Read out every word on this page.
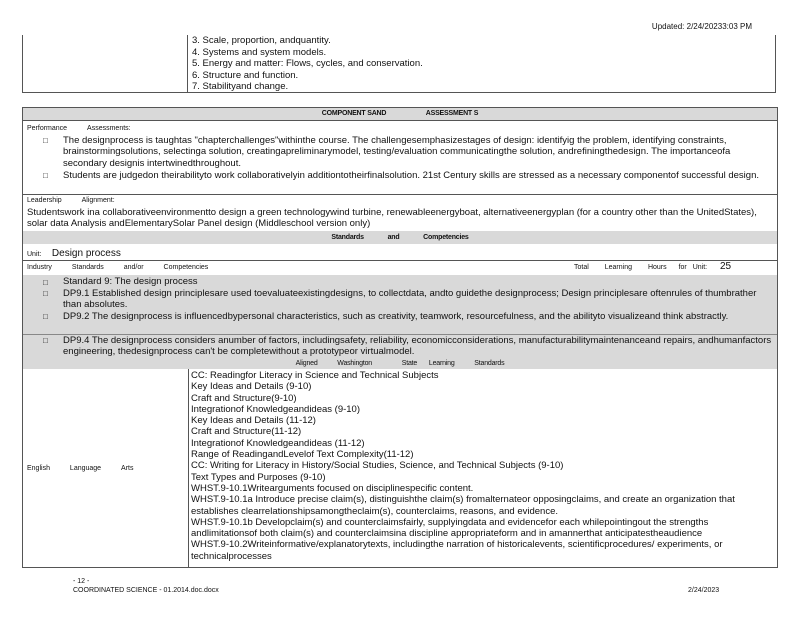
Updated: 2/24/20233:03 PM
3. Scale, proportion, andquantity.
4. Systems and system models.
5. Energy and matter: Flows, cycles, and conservation.
6. Structure and function.
7. Stabilityand change.
COMPONENT SAND	ASSESSMENT S
Performance	Assessments:
□ The designprocess is taughtas "chapterchallenges"withinthe course. The challengesemphasizestages of design: identifyig the problem, identifying constraints, brainstormingsolutions, selectinga solution, creatingapreliminarymodel, testing/evaluation communicatingthe solution, andrefiningthedesign. The importanceofa secondary designis intertwinedthroughout.
□ Students are judgedon theirabilityto work collaborativelyin additiontotheirfinalsolution. 21st Century skills are stressed as a necessary componentof successful design.
Leadership	Alignment:
Studentswork ina collaborativeenvironmentto design a green technologywind turbine, renewableenergyboat, alternativeenergyplan (for a country other than the UnitedStates), solar data Analysis andElementarySolar Panel design (Middleschool version only)
Standards	and	Competencies
Unit: Design process
Industry	Standards	and/or	Competencies	Total Learning Hours for Unit: 25
□ Standard 9: The design process
□ DP9.1 Established design principlesare used toevaluateexistingdesigns, to collectdata, andto guidethe designprocess; Design principlesare oftenrules of thumbrather than absolutes.
□ DP9.2 The designprocess is influencedbypersonal characteristics, such as creativity, teamwork, resourcefulness, and the abilityto visualizeand think abstractly.
□ DP9.4 The designprocess considers anumber of factors, includingsafety, reliability, economicconsiderations, manufacturabilitymaintenanceand repairs, andhumanfactors engineering, thedesignprocess can't be completewithout a prototypeor virtualmodel.
Aligned	Washington	State Learning	Standards
English	Language	Arts
CC: Readingfor Literacy in Science and Technical Subjects
Key Ideas and Details (9-10)
Craft and Structure(9-10)
Integrationof Knowledgeandideas (9-10)
Key Ideas and Details (11-12)
Craft and Structure(11-12)
Integrationof Knowledgeandideas (11-12)
Range of ReadingandLevelof Text Complexity(11-12)
CC: Writing for Literacy in History/Social Studies, Science, and Technical Subjects (9-10)
Text Types and Purposes (9-10)
WHST.9-10.1Writearguments focused on disciplinespecific content.
WHST.9-10.1a Introduce precise claim(s), distinguishthe claim(s) fromalternateor opposingclaims, and create an organization that establishes clearrelationshipsamongtheclaim(s), counterclaims, reasons, and evidence.
WHST.9-10.1b Developclaim(s) and counterclaimsfairly, supplyingdata and evidencefor each whilepointingout the strengths andlimitationsof both claim(s) and counterclaimsina discipline appropriateform and in amannerthat anticipatestheaudience
WHST.9-10.2Writeinformative/explanatorytexts, includingthe narration of historicalevents, scientificprocedures/ experiments, or technicalprocesses
- 12 -
COORDINATED SCIENCE - 01.2014.doc.docx	2/24/2023
